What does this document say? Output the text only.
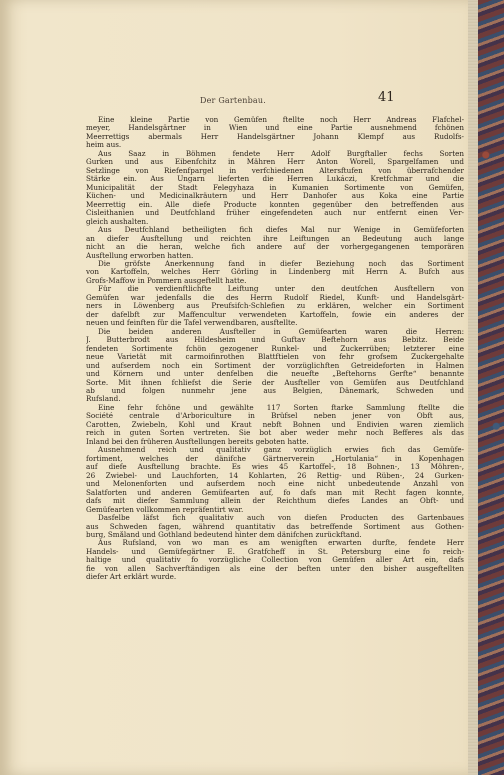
Der Gartenbau.	41
Eine kleine Partie von Gemüfen ftellte noch Herr Andreas Flafchel-
meyer, Handelsgärtner in Wien und eine Partie ausnehmend fchönen
Meerrettigs abermals Herr Handelsgärtner Johann Klempf aus Rudolfs-
heim aus.
Aus Saaz in Böhmen fendete Herr Adolf Burgftaller fechs Sorten
Gurken und aus Eibenfchitz in Mähren Herr Anton Worell, Spargelfamen und
Setzlinge von Riefenfpargel in verfchiedenen Altersftufen von überrafchender
Stärke ein. Aus Ungarn lieferten die Herren Lukáczi, Kretfchmar und die
Municipalität der Stadt Felegyhaza in Kumanien Sortimente von Gemüfen,
Küchen- und Medicinalkräutern und Herr Danhofer aus Koka eine Partie
Meerrettig ein. Alle diefe Producte konnten gegenüber den betreffenden aus
Cisleithanien und Deutfchland früher eingefendeten auch nur entfernt einen Ver-
gleich aushalten.
Aus Deutfchland betheiligten fich diefes Mal nur Wenige in Gemüfeforten
an diefer Ausftellung und reichten ihre Leiftungen an Bedeutung auch lange
nicht an die heran, welche fich andere auf der vorhergegangenen temporären
Ausftellung erworben hatten.
Die gröfste Anerkennung fand in diefer Beziehung noch das Sortiment
von Kartoffeln, welches Herr Görling in Lindenberg mit Herrn A. Bufch aus
Grofs-Maffow in Pommern ausgeftellt hatte.
Für die verdienftlichfte Leiftung unter den deutfchen Ausftellern von
Gemüfen war jedenfalls die des Herrn Rudolf Riedel, Kunft- und Handelsgärt-
ners in Löwenberg aus Preufsifch-Schlefien zu erklären, welcher ein Sortiment
der dafelbft zur Maffencultur verwendeten Kartoffeln, fowie ein anderes der
neuen und feinften für die Tafel verwendbaren, ausftellte.
Die beiden anderen Ausfteller in Gemüfearten waren die Herren:
J. Butterbrodt aus Hildesheim und Guftav Beftehorn aus Bebitz. Beide
fendeten Sortimente fchön gezogener Runkel- und Zuckerrüben; letzterer eine
neue Varietät mit carmoifinrothen Blattftielen von fehr grofsem Zuckergehalte
und aufserdem noch ein Sortiment der vorzüglichften Getreideforten in Halmen
und Körnern und unter denfelben die neuefte „Beftehorns Gerfte“ benannte
Sorte. Mit ihnen fchliefst die Serie der Ausfteller von Gemüfen aus Deutfchland
ab und folgen nunmehr jene aus Belgien, Dänemark, Schweden und
Rufsland.
Eine fehr fchöne und gewählte 117 Sorten ftarke Sammlung ftellte die
Société centrale d'Arboriculture in Brüfsel neben jener von Obft aus,
Carotten, Zwiebeln, Kohl und Kraut nebft Bohnen und Endivien waren ziemlich
reich in guten Sorten vertreten. Sie bot aber weder mehr noch Befferes als das
Inland bei den früheren Ausftellungen bereits geboten hatte.
Ausnehmend reich und qualitativ ganz vorzüglich erwies fich das Gemüfe-
fortiment, welches der dänifche Gärtnerverein „Hortulania“ in Kopenhagen
auf diefe Ausftellung brachte. Es wies 45 Kartoffel-, 18 Bohnen-, 13 Möhren-,
26 Zwiebel- und Lauchforten, 14 Kohlarten, 26 Rettig- und Rüben-, 24 Gurken-
und Melonenforten und aufserdem noch eine nicht unbedeutende Anzahl von
Salatforten und anderen Gemüfearten auf, fo dafs man mit Recht fagen konnte,
dafs mit diefer Sammlung allein der Reichthum diefes Landes an Obft- und
Gemüfearten vollkommen repräfentirt war.
Dasfelbe läfst fich qualitativ auch von diefen Producten des Gartenbaues
aus Schweden fagen, während quantitativ das betreffende Sortiment aus Gothen-
burg, Småland und Gothland bedeutend hinter dem dänifchen zurückftand.
Aus Rufsland, von wo man es am wenigften erwarten durfte, fendete Herr
Handels- und Gemüfegärtner E. Gratfcheff in St. Petersburg eine fo reich-
haltige und qualitativ fo vorzügliche Collection von Gemüfen aller Art ein, dafs
fie von allen Sachverftändigen als eine der beften unter den bisher ausgeftellten
diefer Art erklärt wurde.
